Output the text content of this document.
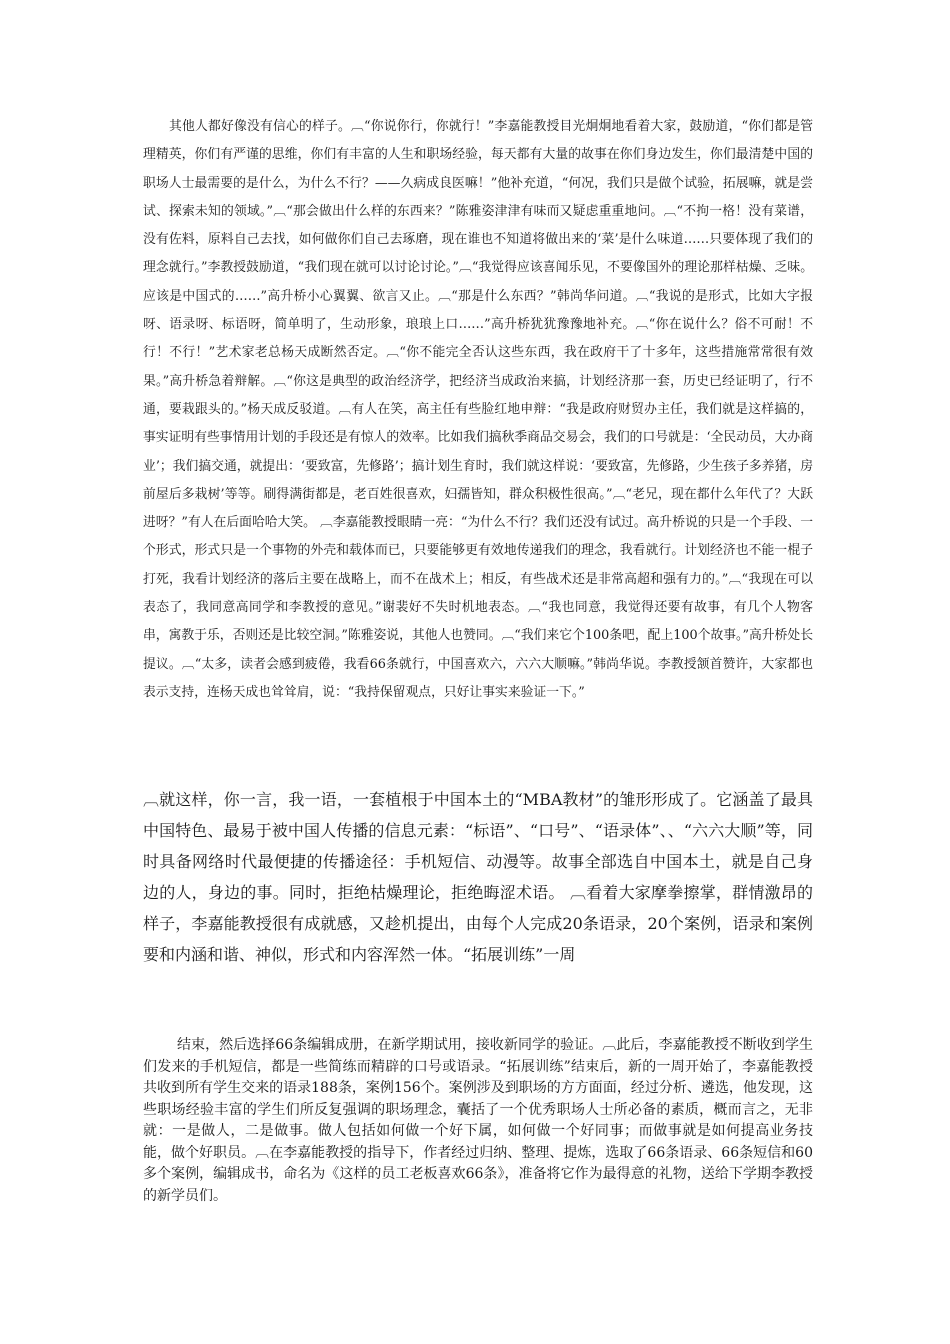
其他人都好像没有信心的样子。︹“你说你行，你就行！”李嘉能教授目光炯炯地看着大家，鼓励道，“你们都是管理精英，你们有严谨的思维，你们有丰富的人生和职场经验，每天都有大量的故事在你们身边发生，你们最清楚中国的职场人士最需要的是什么，为什么不行？——久病成良医嘛！”他补充道，“何况，我们只是做个试验，拓展嘛，就是尝试、探索未知的领域。”︹“那会做出什么样的东西来？”陈雅姿津津有味而又疑虑重重地问。︹“不拘一格！没有菜谱，没有佐料，原料自己去找，如何做你们自己去琢磨，现在谁也不知道将做出来的‘菜’是什么味道……只要体现了我们的理念就行。”李教授鼓励道，“我们现在就可以讨论讨论。”︹“我觉得应该喜闻乐见，不要像国外的理论那样枯燥、乏味。应该是中国式的……”高升桥小心翼翼、欲言又止。︹“那是什么东西？”韩尚华问道。︹“我说的是形式，比如大字报呀、语录呀、标语呀，简单明了，生动形象，琅琅上口……”高升桥犹犹豫豫地补充。︹“你在说什么？俗不可耐！不行！不行！”艺术家老总杨天成断然否定。︹“你不能完全否认这些东西，我在政府干了十多年，这些措施常常很有效果。”高升桥急着辩解。︹“你这是典型的政治经济学，把经济当成政治来搞，计划经济那一套，历史已经证明了，行不通，要栽跟头的。”杨天成反驳道。︹有人在笑，高主任有些脸红地申辩：“我是政府财贸办主任，我们就是这样搞的，事实证明有些事情用计划的手段还是有惊人的效率。比如我们搞秋季商品交易会，我们的口号就是：‘全民动员，大办商业’；我们搞交通，就提出：‘要致富，先修路’；搞计划生育时，我们就这样说：‘要致富，先修路，少生孩子多养猪，房前屋后多栽树’等等。刷得满街都是，老百姓很喜欢，妇孺皆知，群众积极性很高。”︹“老兄，现在都什么年代了？大跃进呀？”有人在后面哈哈大笑。 ︹李嘉能教授眼睛一亮：“为什么不行？我们还没有试过。高升桥说的只是一个手段、一个形式，形式只是一个事物的外壳和载体而已，只要能够更有效地传递我们的理念，我看就行。计划经济也不能一棍子打死，我看计划经济的落后主要在战略上，而不在战术上；相反，有些战术还是非常高超和强有力的。”︹“我现在可以表态了，我同意高同学和李教授的意见。”谢裴好不失时机地表态。︹“我也同意，我觉得还要有故事，有几个人物客串，寓教于乐，否则还是比较空洞。”陈雅姿说，其他人也赞同。︹“我们来它个100条吧，配上100个故事。”高升桥处长提议。︹“太多，读者会感到疲倦，我看66条就行，中国喜欢六，六六大顺嘛。”韩尚华说。李教授颔首赞许，大家都也表示支持，连杨天成也耸耸肩，说：“我持保留观点，只好让事实来验证一下。”

︹就这样，你一言，我一语，一套植根于中国本土的“MBA教材”的雏形形成了。它涵盖了最具中国特色、最易于被中国人传播的信息元素：“标语”、“口号”、“语录体”、、“六六大顺”等，同时具备网络时代最便捷的传播途径：手机短信、动漫等。故事全部选自中国本土，就是自己身边的人，身边的事。同时，拒绝枯燥理论，拒绝晦涩术语。 ︹看着大家摩拳擦掌，群情激昂的样子，李嘉能教授很有成就感，又趁机提出，由每个人完成20条语录，20个案例，语录和案例要和内涵和谐、神似，形式和内容浑然一体。“拓展训练”一周

结束，然后选择66条编辑成册，在新学期试用，接收新同学的验证。︹此后，李嘉能教授不断收到学生们发来的手机短信，都是一些简练而精辟的口号或语录。“拓展训练”结束后，新的一周开始了，李嘉能教授共收到所有学生交来的语录188条，案例156个。案例涉及到职场的方方面面，经过分析、遴选，他发现，这些职场经验丰富的学生们所反复强调的职场理念，囊括了一个优秀职场人士所必备的素质，概而言之，无非就：一是做人，二是做事。做人包括如何做一个好下属，如何做一个好同事；而做事就是如何提高业务技能，做个好职员。︹在李嘉能教授的指导下，作者经过归纳、整理、提炼，选取了66条语录、66条短信和60多个案例，编辑成书，命名为《这样的员工老板喜欢66条》，准备将它作为最得意的礼物，送给下学期李教授的新学员们。
